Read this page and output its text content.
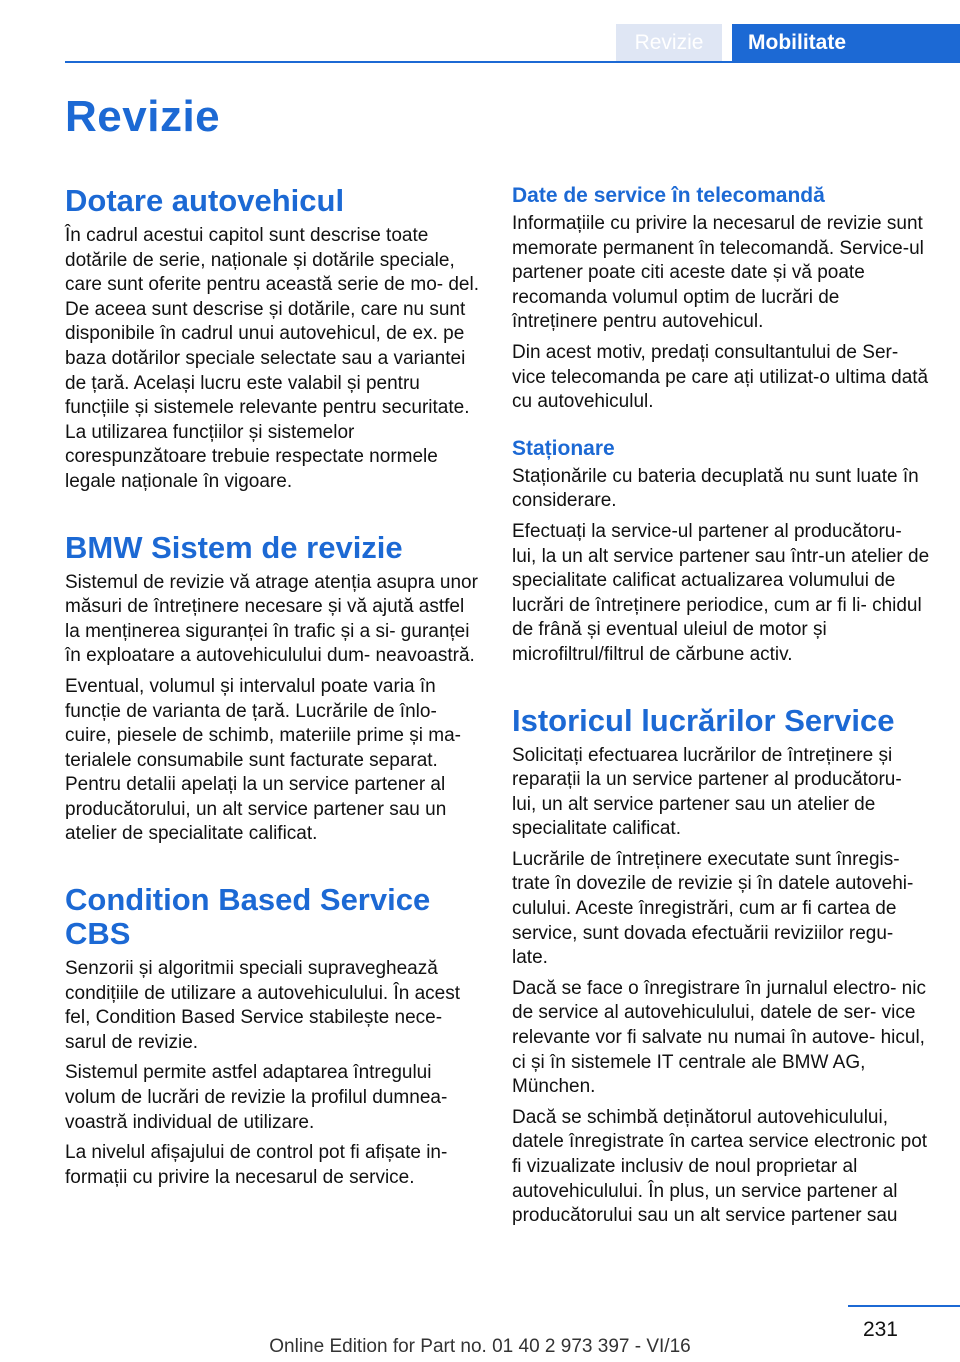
Revizie	Mobilitate
Revizie
Dotare autovehicul

În cadrul acestui capitol sunt descrise toate dotările de serie, naționale și dotările speciale, care sunt oferite pentru această serie de mo‐ del. De aceea sunt descrise și dotările, care nu sunt disponibile în cadrul unui autovehicul, de ex. pe baza dotărilor speciale selectate sau a variantei de țară. Același lucru este valabil și pentru funcțiile și sistemele relevante pentru securitate. La utilizarea funcțiilor și sistemelor corespunzătoare trebuie respectate normele legale naționale în vigoare.

BMW Sistem de revizie

Sistemul de revizie vă atrage atenția asupra unor măsuri de întreținere necesare și vă ajută astfel la menținerea siguranței în trafic și a si‐ guranței în exploatare a autovehiculului dum‐ neavoastră.

Eventual, volumul și intervalul poate varia în funcție de varianta de țară. Lucrările de înlo‐ cuire, piesele de schimb, materiile prime și ma‐ terialele consumabile sunt facturate separat. Pentru detalii apelați la un service partener al producătorului, un alt service partener sau un atelier de specialitate calificat.

Condition Based Service CBS

Senzorii și algoritmii speciali supraveghează condițiile de utilizare a autovehiculului. În acest fel, Condition Based Service stabilește nece‐ sarul de revizie.

Sistemul permite astfel adaptarea întregului volum de lucrări de revizie la profilul dumnea‐ voastră individual de utilizare.

La nivelul afișajului de control pot fi afișate in‐ formații cu privire la necesarul de service.

Date de service în telecomandă

Informațiile cu privire la necesarul de revizie sunt memorate permanent în telecomandă. Service-ul partener poate citi aceste date și vă poate recomanda volumul optim de lucrări de întreținere pentru autovehicul.

Din acest motiv, predați consultantului de Ser‐ vice telecomanda pe care ați utilizat-o ultima dată cu autovehiculul.

Staționare

Staționările cu bateria decuplată nu sunt luate în considerare.

Efectuați la service-ul partener al producătoru‐ lui, la un alt service partener sau într-un atelier de specialitate calificat actualizarea volumului de lucrări de întreținere periodice, cum ar fi li‐ chidul de frână și eventual uleiul de motor și microfiltrul/filtrul de cărbune activ.

Istoricul lucrărilor Service

Solicitați efectuarea lucrărilor de întreținere și reparații la un service partener al producătoru‐ lui, un alt service partener sau un atelier de specialitate calificat.

Lucrările de întreținere executate sunt înregis‐ trate în dovezile de revizie și în datele autovehi‐ culului. Aceste înregistrări, cum ar fi cartea de service, sunt dovada efectuării reviziilor regu‐ late.

Dacă se face o înregistrare în jurnalul electro‐ nic de service al autovehiculului, datele de ser‐ vice relevante vor fi salvate nu numai în autove‐ hicul, ci și în sistemele IT centrale ale BMW AG, München.

Dacă se schimbă deținătorul autovehiculului, datele înregistrate în cartea service electronic pot fi vizualizate inclusiv de noul proprietar al autovehiculului. În plus, un service partener al producătorului sau un alt service partener sau

231
Online Edition for Part no. 01 40 2 973 397 - VI/16
